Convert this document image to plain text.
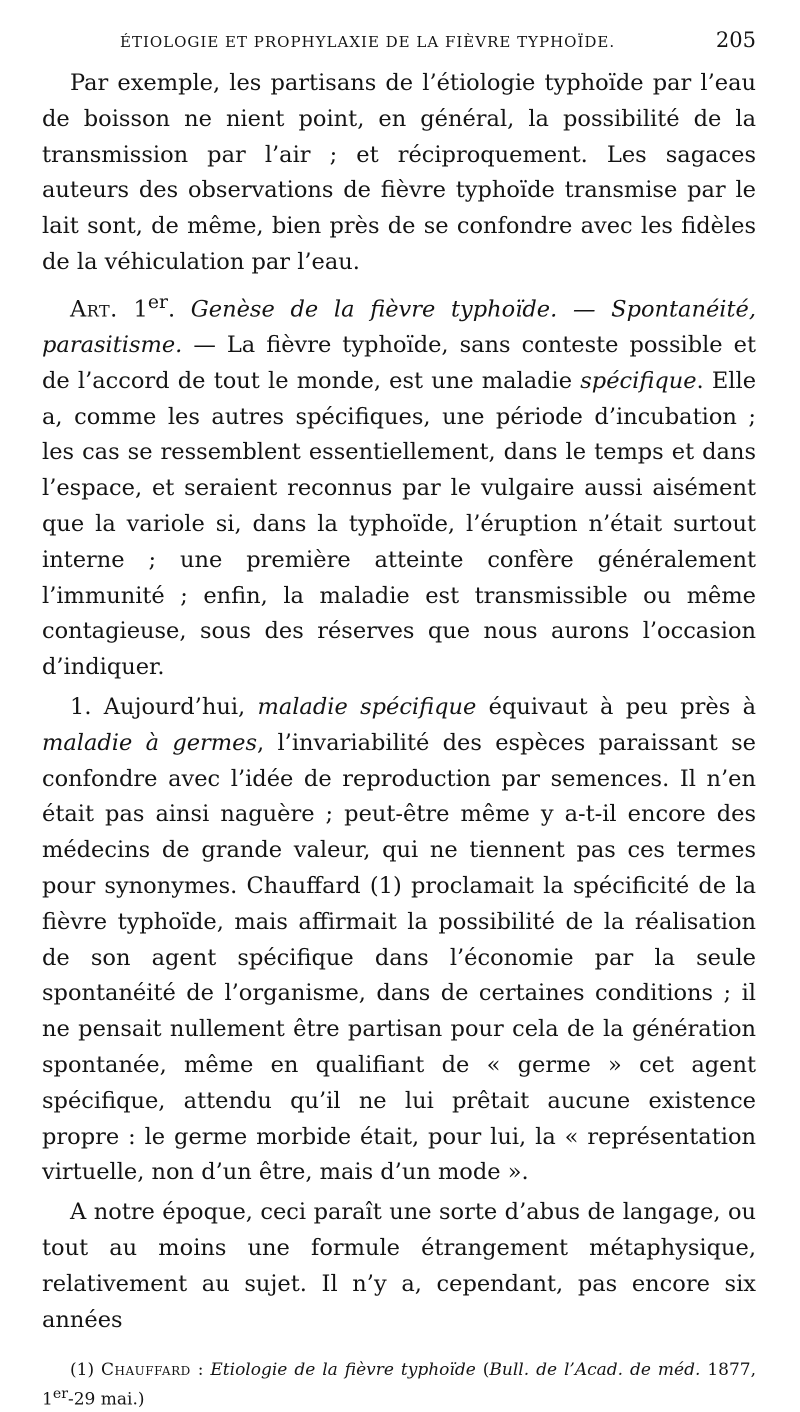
ÉTIOLOGIE ET PROPHYLAXIE DE LA FIÈVRE TYPHOÏDE.	205

Par exemple, les partisans de l’étiologie typhoïde par l’eau de boisson ne nient point, en général, la possibilité de la transmission par l’air ; et réciproquement. Les sagaces auteurs des observations de fièvre typhoïde transmise par le lait sont, de même, bien près de se confondre avec les fidèles de la véhiculation par l’eau.

Art. 1er. Genèse de la fièvre typhoïde. — Spontanéité, parasitisme. — La fièvre typhoïde, sans conteste possible et de l’accord de tout le monde, est une maladie spécifique. Elle a, comme les autres spécifiques, une période d’incubation ; les cas se ressemblent essentiellement, dans le temps et dans l’espace, et seraient reconnus par le vulgaire aussi aisément que la variole si, dans la typhoïde, l’éruption n’était surtout interne ; une première atteinte confère généralement l’immunité ; enfin, la maladie est transmissible ou même contagieuse, sous des réserves que nous aurons l’occasion d’indiquer.

1. Aujourd’hui, maladie spécifique équivaut à peu près à maladie à germes, l’invariabilité des espèces paraissant se confondre avec l’idée de reproduction par semences. Il n’en était pas ainsi naguère ; peut-être même y a-t-il encore des médecins de grande valeur, qui ne tiennent pas ces termes pour synonymes. Chauffard (1) proclamait la spécificité de la fièvre typhoïde, mais affirmait la possibilité de la réalisation de son agent spécifique dans l’économie par la seule spontanéité de l’organisme, dans de certaines conditions ; il ne pensait nullement être partisan pour cela de la génération spontanée, même en qualifiant de « germe » cet agent spécifique, attendu qu’il ne lui prêtait aucune existence propre : le germe morbide était, pour lui, la « représentation virtuelle, non d’un être, mais d’un mode ».

A notre époque, ceci paraît une sorte d’abus de langage, ou tout au moins une formule étrangement métaphysique, relativement au sujet. Il n’y a, cependant, pas encore six années

(1) Chauffard : Etiologie de la fièvre typhoïde (Bull. de l’Acad. de méd. 1877, 1er-29 mai.)
